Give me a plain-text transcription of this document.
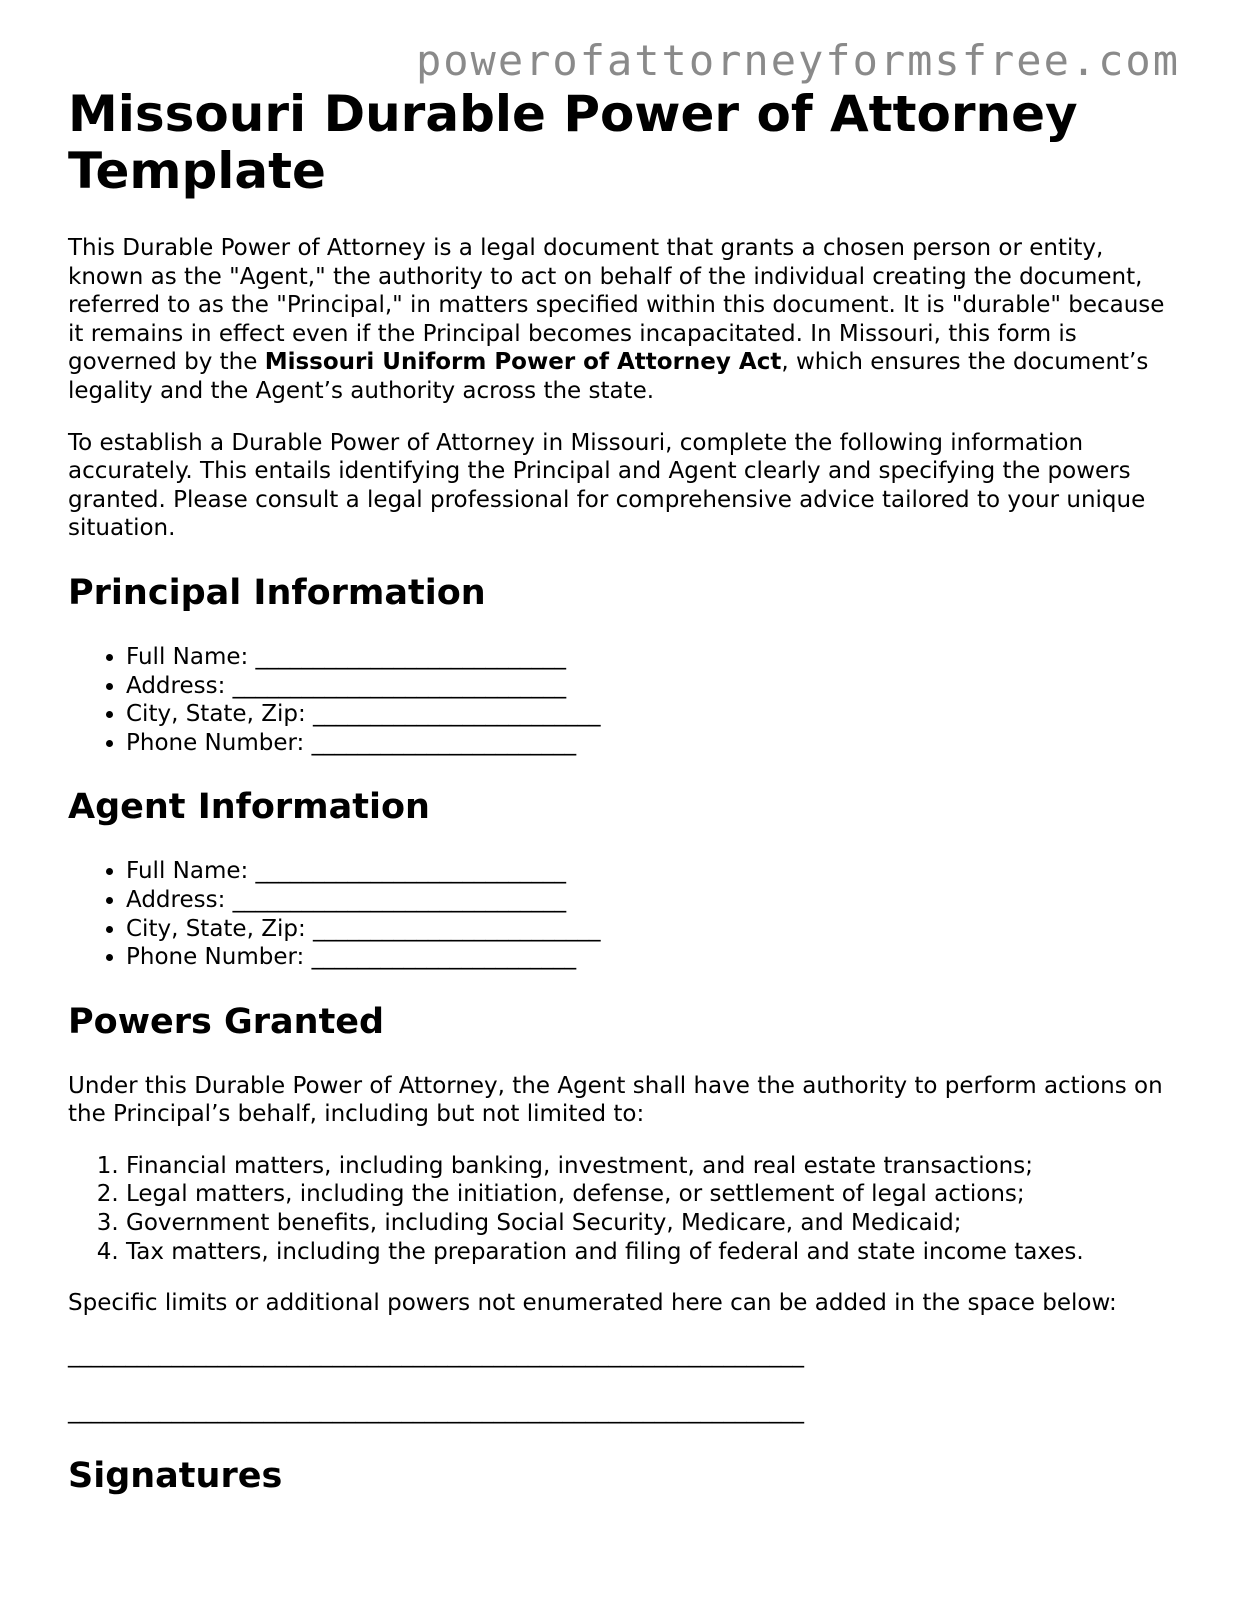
powerofattorneyformsfree.com
Missouri Durable Power of Attorney Template

This Durable Power of Attorney is a legal document that grants a chosen person or entity, known as the "Agent," the authority to act on behalf of the individual creating the document, referred to as the "Principal," in matters specified within this document. It is "durable" because it remains in effect even if the Principal becomes incapacitated. In Missouri, this form is governed by the Missouri Uniform Power of Attorney Act, which ensures the document’s legality and the Agent’s authority across the state.

To establish a Durable Power of Attorney in Missouri, complete the following information accurately. This entails identifying the Principal and Agent clearly and specifying the powers granted. Please consult a legal professional for comprehensive advice tailored to your unique situation.

Principal Information
• Full Name: ___________________________
• Address: _____________________________
• City, State, Zip: _________________________
• Phone Number: _______________________
Agent Information
• Full Name: ___________________________
• Address: _____________________________
• City, State, Zip: _________________________
• Phone Number: _______________________
Powers Granted

Under this Durable Power of Attorney, the Agent shall have the authority to perform actions on the Principal’s behalf, including but not limited to:

1. Financial matters, including banking, investment, and real estate transactions;
2. Legal matters, including the initiation, defense, or settlement of legal actions;
3. Government benefits, including Social Security, Medicare, and Medicaid;
4. Tax matters, including the preparation and filing of federal and state income taxes.

Specific limits or additional powers not enumerated here can be added in the space below:

________________________________________________________________
________________________________________________________________
Signatures
